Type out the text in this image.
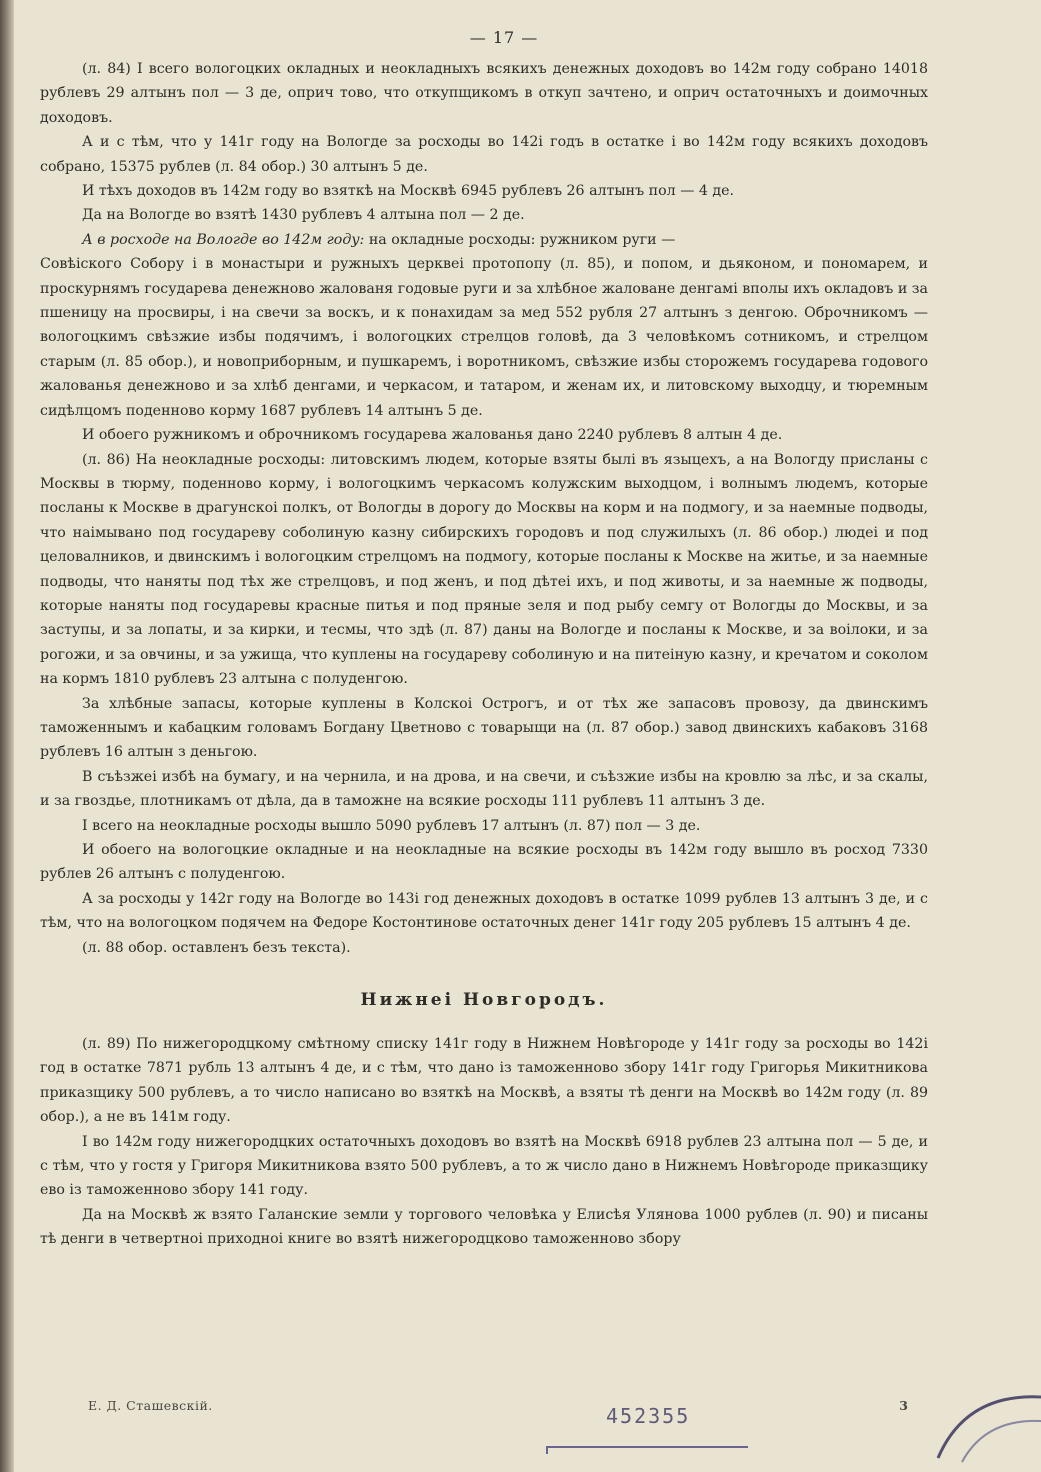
— 17 —

(л. 84) І всего вологоцких окладных и неокладныхъ всякихъ денежных доходовъ во 142м году собрано 14018 рублевъ 29 алтынъ пол — 3 де, оприч тово, что откупщикомъ в откуп зачтено, и оприч остаточныхъ и доимочных доходовъ.

А и с тѣм, что у 141г году на Вологде за росходы во 142і годъ в остатке і во 142м году всякихъ доходовъ собрано, 15375 рублев (л. 84 обор.) 30 алтынъ 5 де.

И тѣхъ доходов въ 142м году во взяткѣ на Москвѣ 6945 рублевъ 26 алтынъ пол — 4 де.

Да на Вологде во взятѣ 1430 рублевъ 4 алтына пол — 2 де.

А в росходе на Вологде во 142м году: на окладные росходы: ружником руги —

Совѣіского Собору і в монастыри и ружныхъ церквеі протопопу (л. 85), и попом, и дьяконом, и пономарем, и проскурнямъ государева денежново жалованя годовые руги и за хлѣбное жаловане денгамі вполы ихъ окладовъ и за пшеницу на просвиры, і на свечи за воскъ, и к понахидам за мед 552 рубля 27 алтынъ з денгою. Оброчникомъ — вологоцкимъ свѣзжие избы подячимъ, і вологоцких стрелцов головѣ, да 3 человѣкомъ сотникомъ, и стрелцом старым (л. 85 обор.), и новоприборным, и пушкаремъ, і воротникомъ, свѣзжие избы сторожемъ государева годового жалованья денежново и за хлѣб денгами, и черкасом, и татаром, и женам их, и литовскому выходцу, и тюремным сидѣлцомъ поденново корму 1687 рублевъ 14 алтынъ 5 де.

И обоего ружникомъ и оброчникомъ государева жалованья дано 2240 рублевъ 8 алтын 4 де.

(л. 86) На неокладные росходы: литовскимъ людем, которые взяты былі въ языцехъ, а на Вологду присланы с Москвы в тюрму, поденново корму, і вологоцкимъ черкасомъ колужским выходцом, і волнымъ людемъ, которые посланы к Москве в драгунскоі полкъ, от Вологды в дорогу до Москвы на корм и на подмогу, и за наемные подводы, что наімывано под государеву соболиную казну сибирскихъ городовъ и под служилыхъ (л. 86 обор.) людеі и под целовалников, и двинскимъ і вологоцким стрелцомъ на подмогу, которые посланы к Москве на житье, и за наемные подводы, что наняты под тѣх же стрелцовъ, и под женъ, и под дѣтеі ихъ, и под животы, и за наемные ж подводы, которые наняты под государевы красные питья и под пряные зеля и под рыбу семгу от Вологды до Москвы, и за заступы, и за лопаты, и за кирки, и тесмы, что здѣ (л. 87) даны на Вологде и посланы к Москве, и за воілоки, и за рогожи, и за овчины, и за ужища, что куплены на государеву соболиную и на питеіную казну, и кречатом и соколом на кормъ 1810 рублевъ 23 алтына с полуденгою.

За хлѣбные запасы, которые куплены в Колскоі Острогъ, и от тѣх же запасовъ провозу, да двинскимъ таможеннымъ и кабацким головамъ Богдану Цветново с товарыщи на (л. 87 обор.) завод двинскихъ кабаковъ 3168 рублевъ 16 алтын з деньгою.

В съѣзжеі избѣ на бумагу, и на чернила, и на дрова, и на свечи, и съѣзжие избы на кровлю за лѣс, и за скалы, и за гвоздье, плотникамъ от дѣла, да в таможне на всякие росходы 111 рублевъ 11 алтынъ 3 де.

І всего на неокладные росходы вышло 5090 рублевъ 17 алтынъ (л. 87) пол — 3 де.

И обоего на вологоцкие окладные и на неокладные на всякие росходы въ 142м году вышло въ росход 7330 рублев 26 алтынъ с полуденгою.

А за росходы у 142г году на Вологде во 143і год денежных доходовъ в остатке 1099 рублев 13 алтынъ 3 де, и с тѣм, что на вологоцком подячем на Федоре Костонтинове остаточных денег 141г году 205 рублевъ 15 алтынъ 4 де.

(л. 88 обор. оставленъ безъ текста).

Нижнеі Новгородъ.

(л. 89) По нижегородцкому смѣтному списку 141г году в Нижнем Новѣгороде у 141г году за росходы во 142і год в остатке 7871 рубль 13 алтынъ 4 де, и с тѣм, что дано із таможенново збору 141г году Григорья Микитникова приказщику 500 рублевъ, а то число написано во взяткѣ на Москвѣ, а взяты тѣ денги на Москвѣ во 142м году (л. 89 обор.), а не въ 141м году.

І во 142м году нижегородцких остаточныхъ доходовъ во взятѣ на Москвѣ 6918 рублев 23 алтына пол — 5 де, и с тѣм, что у гостя у Григоря Микитникова взято 500 рублевъ, а то ж число дано в Нижнемъ Новѣгороде приказщику ево із таможенново збору 141 году.

Да на Москвѣ ж взято Галанские земли у торгового человѣка у Елисѣя Улянова 1000 рублев (л. 90) и писаны тѣ денги в четвертноі приходноі книге во взятѣ нижегородцково таможенново збору

Е. Д. Сташевскій.	3
452355
